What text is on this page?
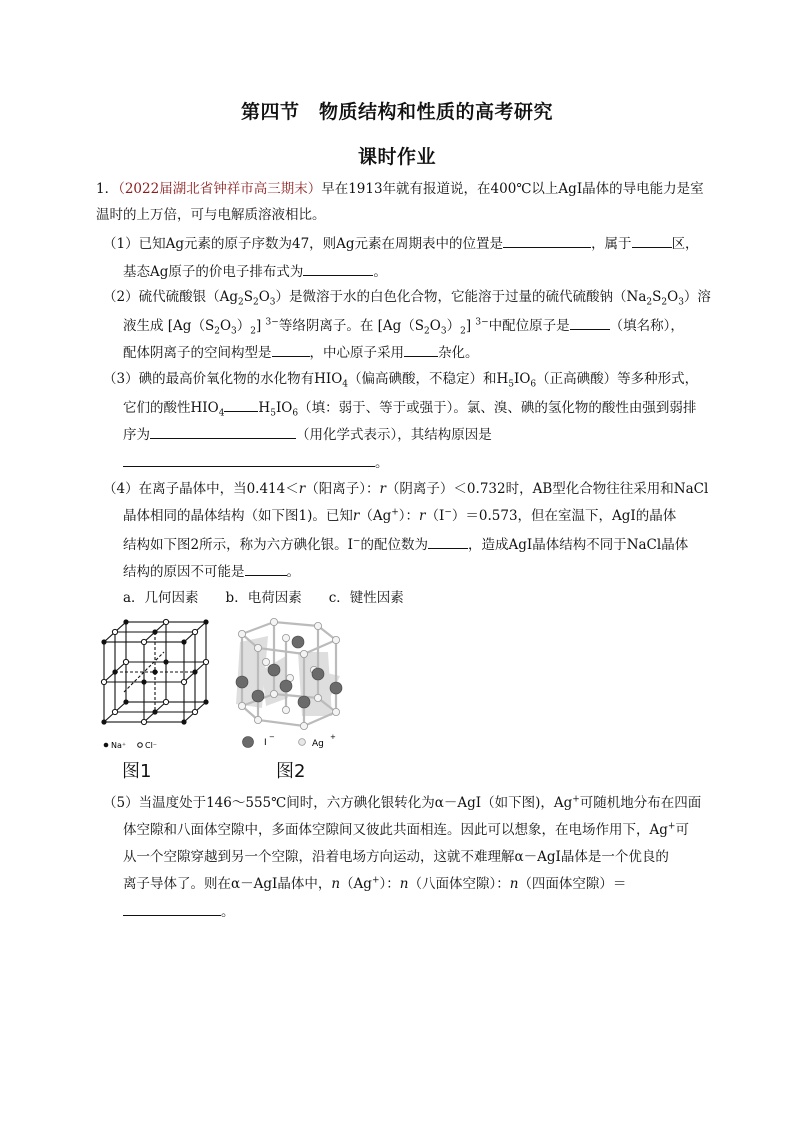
第四节　物质结构和性质的高考研究
课时作业
1．（2022届湖北省钟祥市高三期末）早在1913年就有报道说，在400℃以上AgI晶体的导电能力是室
温时的上万倍，可与电解质溶液相比。
（1）已知Ag元素的原子序数为47，则Ag元素在周期表中的位置是	，属于	区，
基态Ag原子的价电子排布式为	。
（2）硫代硫酸银$(Ag_2S_2O_3)$是微溶于水的白色化合物，它能溶于过量的硫代硫酸钠$(Na_2S_2O_3)$溶
液生成 $[Ag(S_2O_3)_2]$ $^{3-}$等络阴离子。在 $[Ag(S_2O_3)_2]$ $^{3-}$中配位原子是	（填名称），
配体阴离子的空间构型是	，中心原子采用	杂化。
（3）碘的最高价氧化物的水化物有$HIO_4$（偏高碘酸，不稳定）和$H_5IO_6$（正高碘酸）等多种形式，
它们的酸性$HIO_4$	$H_5IO_6$（填：弱于、等于或强于）。氯、溴、碘的氢化物的酸性由强到弱排
序为	（用化学式表示），其结构原因是
。
（4）在离子晶体中，当0.414＜r（阳离子）：r（阴离子）＜0.732时，AB型化合物往往采用和NaCl
晶体相同的晶体结构（如下图1)。已知r（Ag+）：r（I−）＝0.573，但在室温下，AgI的晶体
结构如下图2所示，称为六方碘化银。I−的配位数为	，造成AgI晶体结构不同于NaCl晶体
结构的原因不可能是	。
a．几何因素　　b．电荷因素　　c．键性因素
Na⁺ Cl⁻
图1
I
−
Ag
+
图2
（5）当温度处于146～555℃间时，六方碘化银转化为α－AgI（如下图)，Ag+可随机地分布在四面
体空隙和八面体空隙中，多面体空隙间又彼此共面相连。因此可以想象，在电场作用下，Ag+可
从一个空隙穿越到另一个空隙，沿着电场方向运动，这就不难理解α－AgI晶体是一个优良的
离子导体了。则在α－AgI晶体中，n（Ag+）：n（八面体空隙）：n（四面体空隙）＝
。
